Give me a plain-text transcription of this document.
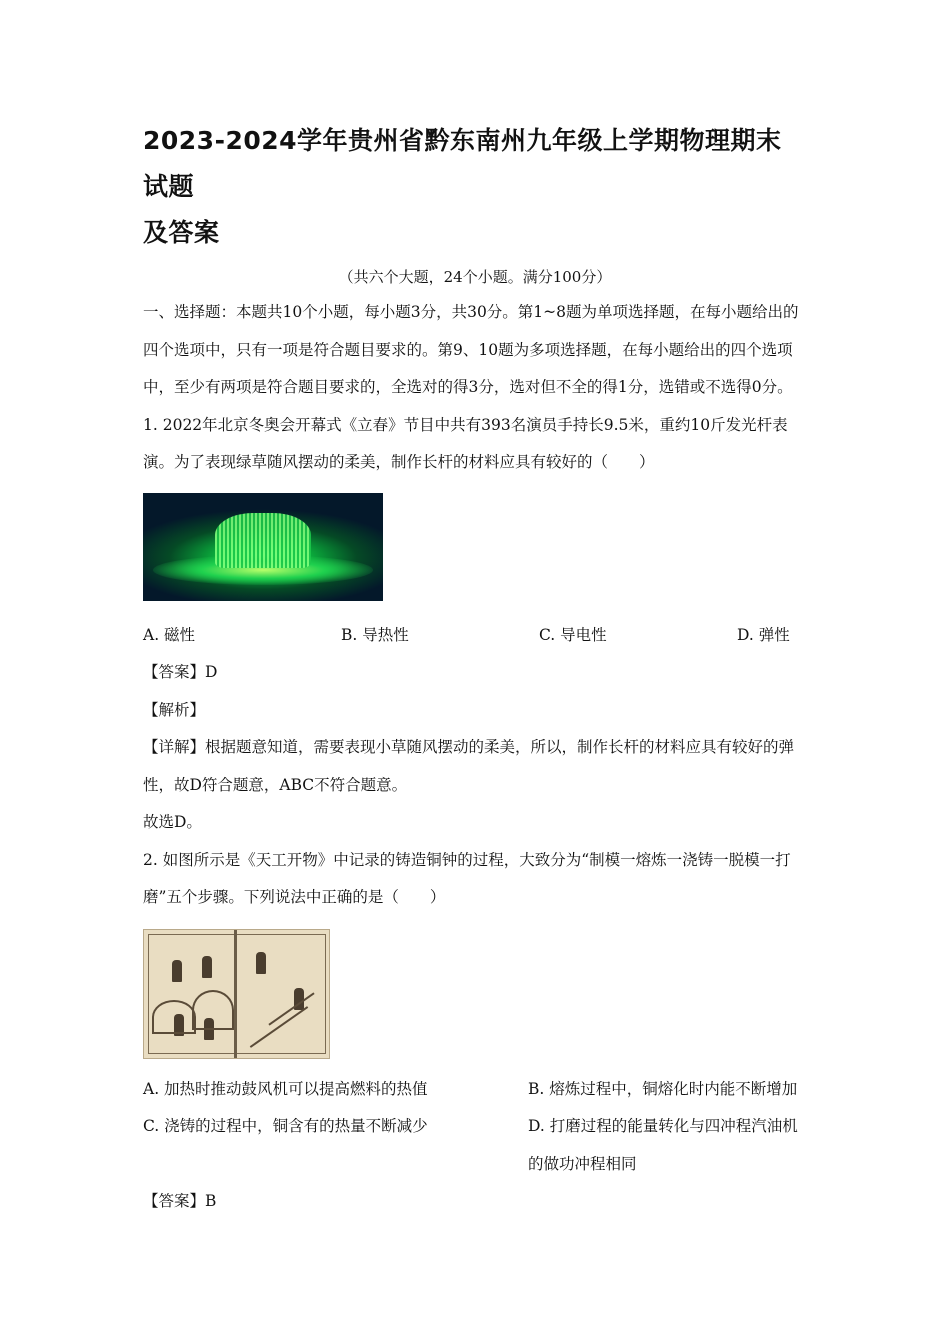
2023-2024学年贵州省黔东南州九年级上学期物理期末试题
及答案
（共六个大题，24个小题。满分100分）

一、选择题：本题共10个小题，每小题3分，共30分。第1~8题为单项选择题，在每小题给出的四个选项中，只有一项是符合题目要求的。第9、10题为多项选择题，在每小题给出的四个选项中，至少有两项是符合题目要求的，全选对的得3分，选对但不全的得1分，选错或不选得0分。

1. 2022年北京冬奥会开幕式《立春》节目中共有393名演员手持长9.5米，重约10斤发光杆表演。为了表现绿草随风摆动的柔美，制作长杆的材料应具有较好的（　　）

A. 磁性	B. 导热性	C. 导电性	D. 弹性

【答案】D

【解析】

【详解】根据题意知道，需要表现小草随风摆动的柔美，所以，制作长杆的材料应具有较好的弹性，故D符合题意，ABC不符合题意。

故选D。

2. 如图所示是《天工开物》中记录的铸造铜钟的过程，大致分为“制模一熔炼一浇铸一脱模一打磨”五个步骤。下列说法中正确的是（　　）

A. 加热时推动鼓风机可以提高燃料的热值	B. 熔炼过程中，铜熔化时内能不断增加
C. 浇铸的过程中，铜含有的热量不断减少	D. 打磨过程的能量转化与四冲程汽油机的做功冲程相同

【答案】B
